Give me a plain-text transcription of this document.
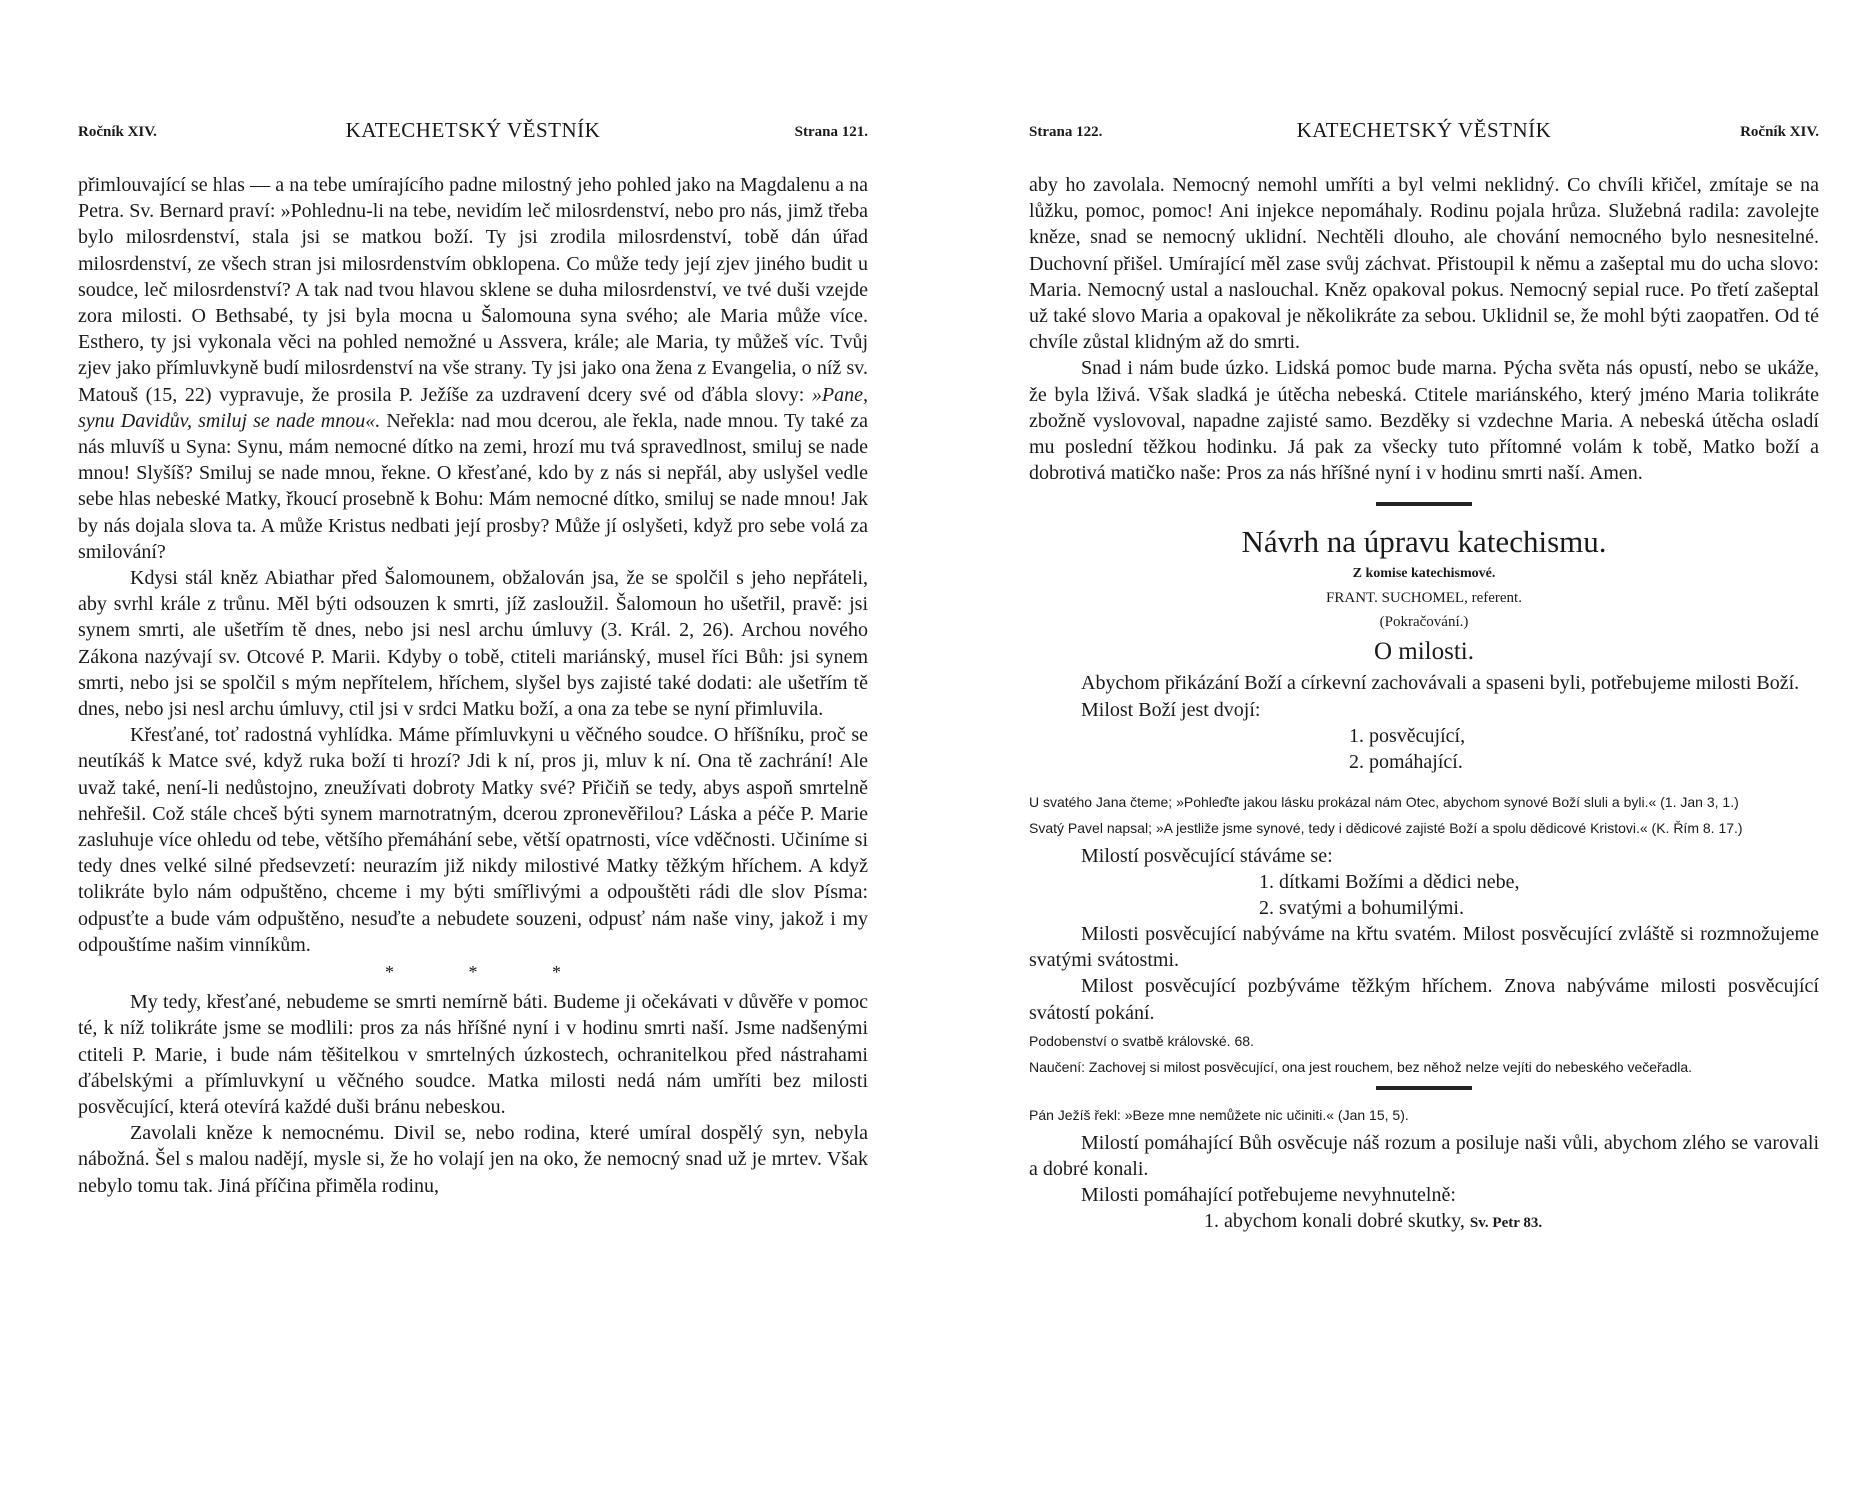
Ročník XIV.	KATECHETSKÝ VĚSTNÍK	Strana 121.

přimlouvající se hlas — a na tebe umírajícího padne milostný jeho pohled jako na Magdalenu a na Petra. Sv. Bernard praví: »Pohlednu-li na tebe, nevidím leč milosrdenství, nebo pro nás, jimž třeba bylo milosrdenství, stala jsi se matkou boží. Ty jsi zrodila milosrdenství, tobě dán úřad milosrdenství, ze všech stran jsi milosrdenstvím obklopena. Co může tedy její zjev jiného budit u soudce, leč milosrdenství? A tak nad tvou hlavou sklene se duha milosrdenství, ve tvé duši vzejde zora milosti. O Bethsabé, ty jsi byla mocna u Šalomouna syna svého; ale Maria může více. Esthero, ty jsi vykonala věci na pohled nemožné u Assvera, krále; ale Maria, ty můžeš víc. Tvůj zjev jako přímluvkyně budí milosrdenství na vše strany. Ty jsi jako ona žena z Evangelia, o níž sv. Matouš (15, 22) vypravuje, že prosila P. Ježíše za uzdravení dcery své od ďábla slovy: »Pane, synu Davidův, smiluj se nade mnou«. Neřekla: nad mou dcerou, ale řekla, nade mnou. Ty také za nás mluvíš u Syna: Synu, mám nemocné dítko na zemi, hrozí mu tvá spravedlnost, smiluj se nade mnou! Slyšíš? Smiluj se nade mnou, řekne. O křesťané, kdo by z nás si nepřál, aby uslyšel vedle sebe hlas nebeské Matky, řkoucí prosebně k Bohu: Mám nemocné dítko, smiluj se nade mnou! Jak by nás dojala slova ta. A může Kristus nedbati její prosby? Může jí oslyšeti, když pro sebe volá za smilování?

Kdysi stál kněz Abiathar před Šalomounem, obžalován jsa, že se spolčil s jeho nepřáteli, aby svrhl krále z trůnu. Měl býti odsouzen k smrti, jíž zasloužil. Šalomoun ho ušetřil, pravě: jsi synem smrti, ale ušetřím tě dnes, nebo jsi nesl archu úmluvy (3. Král. 2, 26). Archou nového Zákona nazývají sv. Otcové P. Marii. Kdyby o tobě, ctiteli mariánský, musel říci Bůh: jsi synem smrti, nebo jsi se spolčil s mým nepřítelem, hříchem, slyšel bys zajisté také dodati: ale ušetřím tě dnes, nebo jsi nesl archu úmluvy, ctil jsi v srdci Matku boží, a ona za tebe se nyní přimluvila.

Křesťané, toť radostná vyhlídka. Máme přímluvkyni u věčného soudce. O hříšníku, proč se neutíkáš k Matce své, když ruka boží ti hrozí? Jdi k ní, pros ji, mluv k ní. Ona tě zachrání! Ale uvaž také, není-li nedůstojno, zneužívati dobroty Matky své? Přičiň se tedy, abys aspoň smrtelně nehřešil. Což stále chceš býti synem marnotratným, dcerou zpronevěřilou? Láska a péče P. Marie zasluhuje více ohledu od tebe, většího přemáhání sebe, větší opatrnosti, více vděčnosti. Učiníme si tedy dnes velké silné předsevzetí: neurazím již nikdy milostivé Matky těžkým hříchem. A když tolikráte bylo nám odpuštěno, chceme i my býti smířlivými a odpouštěti rádi dle slov Písma: odpusťte a bude vám odpuštěno, nesuďte a nebudete souzeni, odpusť nám naše viny, jakož i my odpouštíme našim vinníkům.

* * *

My tedy, křesťané, nebudeme se smrti nemírně báti. Budeme ji očekávati v důvěře v pomoc té, k níž tolikráte jsme se modlili: pros za nás hříšné nyní i v hodinu smrti naší. Jsme nadšenými ctiteli P. Marie, i bude nám těšitelkou v smrtelných úzkostech, ochranitelkou před nástrahami ďábelskými a přímluvkyní u věčného soudce. Matka milosti nedá nám umříti bez milosti posvěcující, která otevírá každé duši bránu nebeskou.

Zavolali kněze k nemocnému. Divil se, nebo rodina, které umíral dospělý syn, nebyla nábožná. Šel s malou nadějí, mysle si, že ho volají jen na oko, že nemocný snad už je mrtev. Však nebylo tomu tak. Jiná příčina přiměla rodinu,

Strana 122.	KATECHETSKÝ VĚSTNÍK	Ročník XIV.

aby ho zavolala. Nemocný nemohl umříti a byl velmi neklidný. Co chvíli křičel, zmítaje se na lůžku, pomoc, pomoc! Ani injekce nepomáhaly. Rodinu pojala hrůza. Služebná radila: zavolejte kněze, snad se nemocný uklidní. Nechtěli dlouho, ale chování nemocného bylo nesnesitelné. Duchovní přišel. Umírající měl zase svůj záchvat. Přistoupil k němu a zašeptal mu do ucha slovo: Maria. Nemocný ustal a naslouchal. Kněz opakoval pokus. Nemocný sepial ruce. Po třetí zašeptal už také slovo Maria a opakoval je několikráte za sebou. Uklidnil se, že mohl býti zaopatřen. Od té chvíle zůstal klidným až do smrti.

Snad i nám bude úzko. Lidská pomoc bude marna. Pýcha světa nás opustí, nebo se ukáže, že byla lživá. Však sladká je útěcha nebeská. Ctitele mariánského, který jméno Maria tolikráte zbožně vyslovoval, napadne zajisté samo. Bezděky si vzdechne Maria. A nebeská útěcha osladí mu poslední těžkou hodinku. Já pak za všecky tuto přítomné volám k tobě, Matko boží a dobrotivá matičko naše: Pros za nás hříšné nyní i v hodinu smrti naší. Amen.

Návrh na úpravu katechismu.
Z komise katechismové.
FRANT. SUCHOMEL, referent.
(Pokračování.)
O milosti.

Abychom přikázání Boží a církevní zachovávali a spaseni byli, potřebujeme milosti Boží.

Milost Boží jest dvojí:

1. posvěcující,
2. pomáhající.

U svatého Jana čteme; »Pohleďte jakou lásku prokázal nám Otec, abychom synové Boží sluli a byli.« (1. Jan 3, 1.)

Svatý Pavel napsal; »A jestliže jsme synové, tedy i dědicové zajisté Boží a spolu dědicové Kristovi.« (K. Řím 8. 17.)

Milostí posvěcující stáváme se:

1. dítkami Božími a dědici nebe,
2. svatými a bohumilými.

Milosti posvěcující nabýváme na křtu svatém. Milost posvěcující zvláště si rozmnožujeme svatými svátostmi.

Milost posvěcující pozbýváme těžkým hříchem. Znova nabýváme milosti posvěcující svátostí pokání.

Podobenství o svatbě královské. 68.

Naučení: Zachovej si milost posvěcující, ona jest rouchem, bez něhož nelze vejíti do nebeského večeřadla.

Pán Ježíš řekl: »Beze mne nemůžete nic učiniti.« (Jan 15, 5).

Milostí pomáhající Bůh osvěcuje náš rozum a posiluje naši vůli, abychom zlého se varovali a dobré konali.

Milosti pomáhající potřebujeme nevyhnutelně:

1. abychom konali dobré skutky, Sv. Petr 83.
